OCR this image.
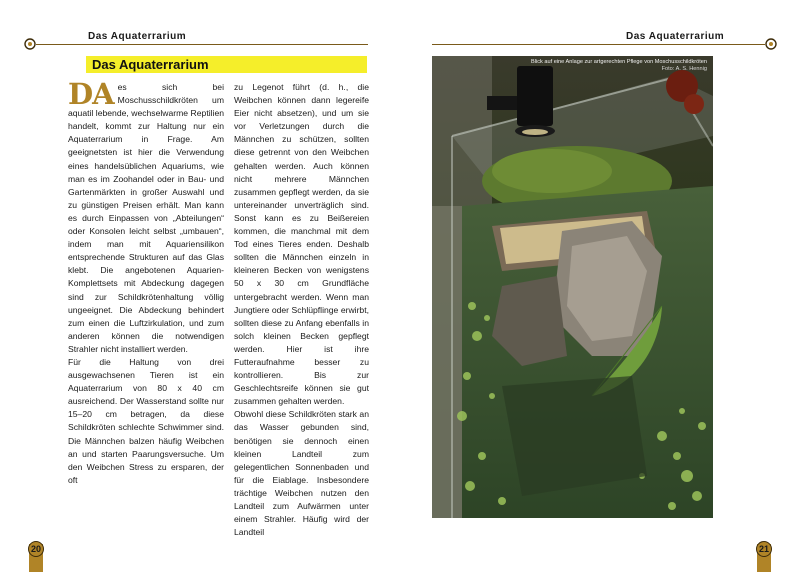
Das Aquaterrarium
Das Aquaterrarium
DA es sich bei Moschusschildkröten um aquatil lebende, wechselwarme Reptilien handelt, kommt zur Haltung nur ein Aquaterrarium in Frage. Am geeignetsten ist hier die Verwendung eines handelsüblichen Aquariums, wie man es im Zoohandel oder in Bau- und Gartenmärkten in großer Auswahl und zu günstigen Preisen erhält. Man kann es durch Einpassen von „Abteilungen“ oder Konsolen leicht selbst „umbauen“, indem man mit Aquariensilikon entsprechende Strukturen auf das Glas klebt. Die angebotenen Aquarien-Komplettsets mit Abdeckung dagegen sind zur Schildkrötenhaltung völlig ungeeignet. Die Abdeckung behindert zum einen die Luftzirkulation, und zum anderen können die notwendigen Strahler nicht installiert werden.

Für die Haltung von drei ausgewachsenen Tieren ist ein Aquaterrarium von 80 x 40 cm ausreichend. Der Wasserstand sollte nur 15–20 cm betragen, da diese Schildkröten schlechte Schwimmer sind. Die Männchen balzen häufig Weibchen an und starten Paarungsversuche. Um den Weibchen Stress zu ersparen, der oft

zu Legenot führt (d. h., die Weibchen können dann legereife Eier nicht absetzen), und um sie vor Verletzungen durch die Männchen zu schützen, sollten diese getrennt von den Weibchen gehalten werden. Auch können nicht mehrere Männchen zusammen gepflegt werden, da sie untereinander unverträglich sind. Sonst kann es zu Beißereien kommen, die manchmal mit dem Tod eines Tieres enden. Deshalb sollten die Männchen einzeln in kleineren Becken von wenigstens 50 x 30 cm Grundfläche untergebracht werden. Wenn man Jungtiere oder Schlüpflinge erwirbt, sollten diese zu Anfang ebenfalls in solch kleinen Becken gepflegt werden. Hier ist ihre Futteraufnahme besser zu kontrollieren. Bis zur Geschlechtsreife können sie gut zusammen gehalten werden.

Obwohl diese Schildkröten stark an das Wasser gebunden sind, benötigen sie dennoch einen kleinen Landteil zum gelegentlichen Sonnenbaden und für die Eiablage. Insbesondere trächtige Weibchen nutzen den Landteil zum Aufwärmen unter einem Strahler. Häufig wird der Landteil

20
Das Aquaterrarium
21
Blick auf eine Anlage zur artgerechten Pflege von Moschusschildkröten
Foto: A. S. Hennig
